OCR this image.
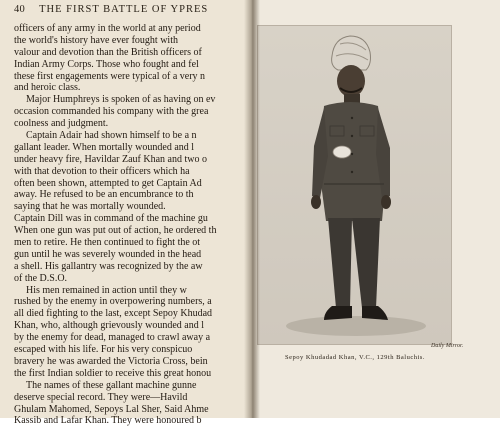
40 THE FIRST BATTLE OF YPRES
officers of any army in the world at any period
the world's history have ever fought with
valour and devotion than the British officers of
Indian Army Corps. Those who fought and fel
these first engagements were typical of a very n
and heroic class.
Major Humphreys is spoken of as having on ev
occasion commanded his company with the grea
coolness and judgment.
Captain Adair had shown himself to be a n
gallant leader. When mortally wounded and l
under heavy fire, Havildar Zauf Khan and two o
with that devotion to their officers which ha
often been shown, attempted to get Captain Ad
away. He refused to be an encumbrance to th
saying that he was mortally wounded.
Captain Dill was in command of the machine gu
When one gun was put out of action, he ordered th
men to retire. He then continued to fight the ot
gun until he was severely wounded in the head
a shell. His gallantry was recognized by the aw
of the D.S.O.
His men remained in action until they w
rushed by the enemy in overpowering numbers, a
all died fighting to the last, except Sepoy Khudad
Khan, who, although grievously wounded and l
by the enemy for dead, managed to crawl away a
escaped with his life. For his very conspicuo
bravery he was awarded the Victoria Cross, bein
the first Indian soldier to receive this great honou
The names of these gallant machine gunne
deserve special record. They were—Havild
Ghulam Mahomed, Sepoys Lal Sher, Said Ahme
Kassib and Lafar Khan. They were honoured b
Daily Mirror.
Sepoy Khudadad Khan, V.C., 129th Baluchis.
